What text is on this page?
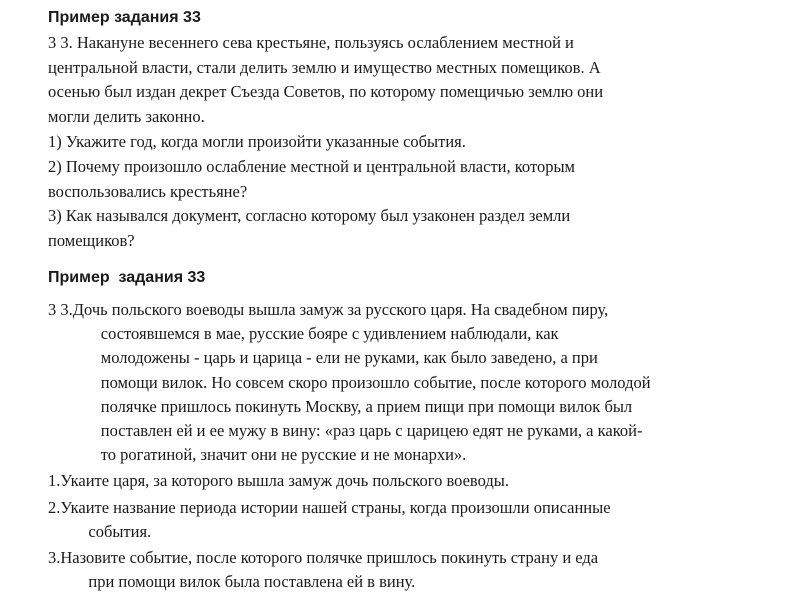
Пример задания 33
3 3. Накануне весеннего сева крестьяне, пользуясь ослаблением местной и
центральной власти, стали делить землю и имущество местных помещиков. А
осенью был издан декрет Съезда Советов, по которому помещичью землю они
могли делить законно.
1) Укажите год, когда могли произойти указанные события.
2) Почему произошло ослабление местной и центральной власти, которым
воспользовались крестьяне?
3) Как назывался документ, согласно которому был узаконен раздел земли
помещиков?
Пример  задания 33
3 3. Дочь польского воеводы вышла замуж за русского царя. На свадебном пиру,
состоявшемся в мае, русские бояре с удивлением наблюдали, как
молодожены - царь и царица - ели не руками, как было заведено, а при
помощи вилок. Но совсем скоро произошло событие, после которого молодой
полячке пришлось покинуть Москву, а прием пищи при помощи вилок был
поставлен ей и ее мужу в вину: «раз царь с царицею едят не руками, а какой-
то рогатиной, значит они не русские и не монархи».
1. Укаите царя, за которого вышла замуж дочь польского воеводы.
2. Укаите название периода истории нашей страны, когда произошли описанные
события.
3. Назовите событие, после которого полячке пришлось покинуть страну и еда
при помощи вилок была поставлена ей в вину.
